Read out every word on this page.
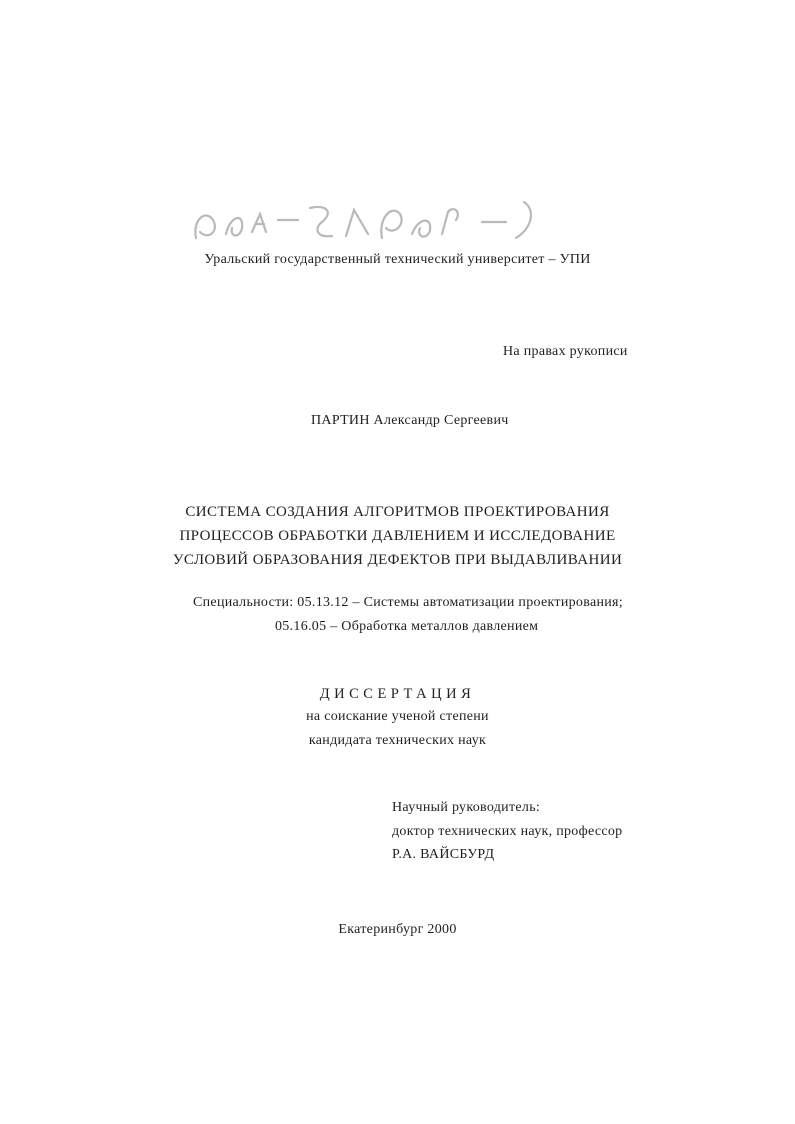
Уральский государственный технический университет – УПИ
На правах рукописи
ПАРТИН Александр Сергеевич
СИСТЕМА СОЗДАНИЯ АЛГОРИТМОВ ПРОЕКТИРОВАНИЯ
ПРОЦЕССОВ ОБРАБОТКИ ДАВЛЕНИЕМ И ИССЛЕДОВАНИЕ
УСЛОВИЙ ОБРАЗОВАНИЯ ДЕФЕКТОВ ПРИ ВЫДАВЛИВАНИИ
Специальности: 05.13.12 – Системы автоматизации проектирования;
05.16.05 – Обработка металлов давлением
ДИССЕРТАЦИЯ
на соискание ученой степени
кандидата технических наук
Научный руководитель:
доктор технических наук, профессор
Р.А. ВАЙСБУРД
Екатеринбург 2000
